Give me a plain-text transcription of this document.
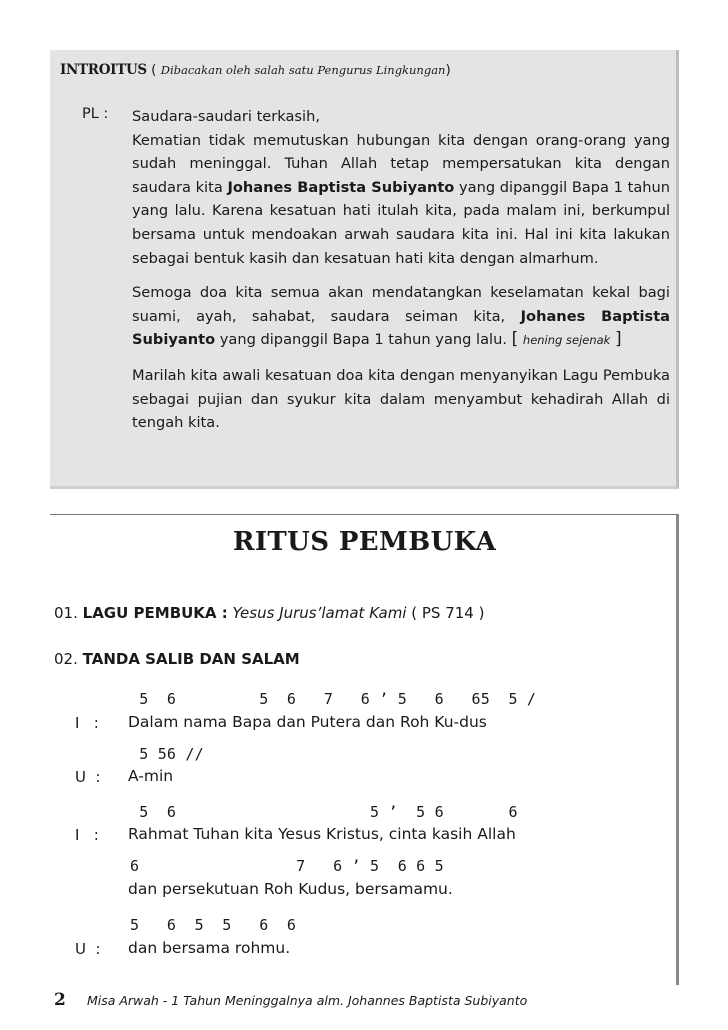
INTROITUS ( Dibacakan oleh salah satu Pengurus Lingkungan)
PL : Saudara-saudari terkasih,

Kematian tidak memutuskan hubungan kita dengan orang-orang yang sudah meninggal. Tuhan Allah tetap mempersatukan kita dengan saudara kita Johanes Baptista Subiyanto yang dipanggil Bapa 1 tahun yang lalu. Karena kesatuan hati itulah kita, pada malam ini, berkumpul bersama untuk mendoakan arwah saudara kita ini. Hal ini kita lakukan sebagai bentuk kasih dan kesatuan hati kita dengan almarhum.

Semoga doa kita semua akan mendatangkan keselamatan kekal bagi suami, ayah, sahabat, saudara seiman kita, Johanes Baptista Subiyanto yang dipanggil Bapa 1 tahun yang lalu. [ hening sejenak ]

Marilah kita awali kesatuan doa kita dengan menyanyikan Lagu Pembuka sebagai pujian dan syukur kita dalam menyambut kehadirah Allah di tengah kita.

RITUS PEMBUKA
01. LAGU PEMBUKA : Yesus Jurus’lamat Kami ( PS 714 )
02. TANDA SALIB DAN SALAM
5  6         5  6   7   6 ’ 5   6   65  5 /
I   : Dalam nama Bapa dan Putera dan Roh Ku-dus
5 56 //
U  : A-min
5  6                     5 ’  5 6       6
I   : Rahmat Tuhan kita Yesus Kristus, cinta kasih Allah
6                 7   6 ’ 5  6 6 5
dan persekutuan Roh Kudus, bersamamu.
5   6  5  5   6  6
U  : dan bersama rohmu.
2 Misa Arwah - 1 Tahun Meninggalnya alm. Johannes Baptista Subiyanto
